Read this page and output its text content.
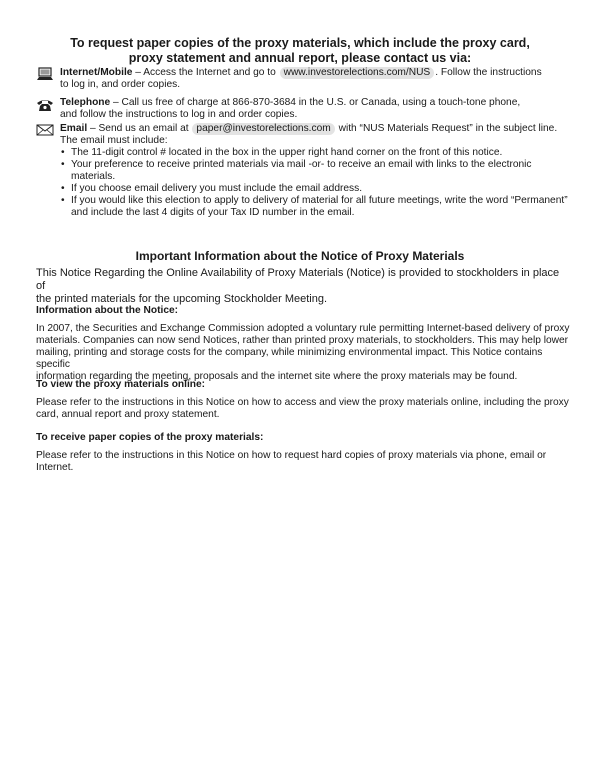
To request paper copies of the proxy materials, which include the proxy card,
proxy statement and annual report, please contact us via:
Internet/Mobile – Access the Internet and go to www.investorelections.com/NUS . Follow the instructions
to log in, and order copies.
Telephone – Call us free of charge at 866-870-3684 in the U.S. or Canada, using a touch-tone phone,
and follow the instructions to log in and order copies.
Email – Send us an email at paper@investorelections.com with “NUS Materials Request” in the subject line.
The email must include:
• The 11-digit control # located in the box in the upper right hand corner on the front of this notice.
• Your preference to receive printed materials via mail -or- to receive an email with links to the electronic materials.
• If you choose email delivery you must include the email address.
• If you would like this election to apply to delivery of material for all future meetings, write the word “Permanent”
and include the last 4 digits of your Tax ID number in the email.
Important Information about the Notice of Proxy Materials
This Notice Regarding the Online Availability of Proxy Materials (Notice) is provided to stockholders in place of
the printed materials for the upcoming Stockholder Meeting.
Information about the Notice:
In 2007, the Securities and Exchange Commission adopted a voluntary rule permitting Internet-based delivery of proxy
materials. Companies can now send Notices, rather than printed proxy materials, to stockholders. This may help lower
mailing, printing and storage costs for the company, while minimizing environmental impact. This Notice contains specific
information regarding the meeting, proposals and the internet site where the proxy materials may be found.
To view the proxy materials online:
Please refer to the instructions in this Notice on how to access and view the proxy materials online, including the proxy
card, annual report and proxy statement.
To receive paper copies of the proxy materials:
Please refer to the instructions in this Notice on how to request hard copies of proxy materials via phone, email or
Internet.
